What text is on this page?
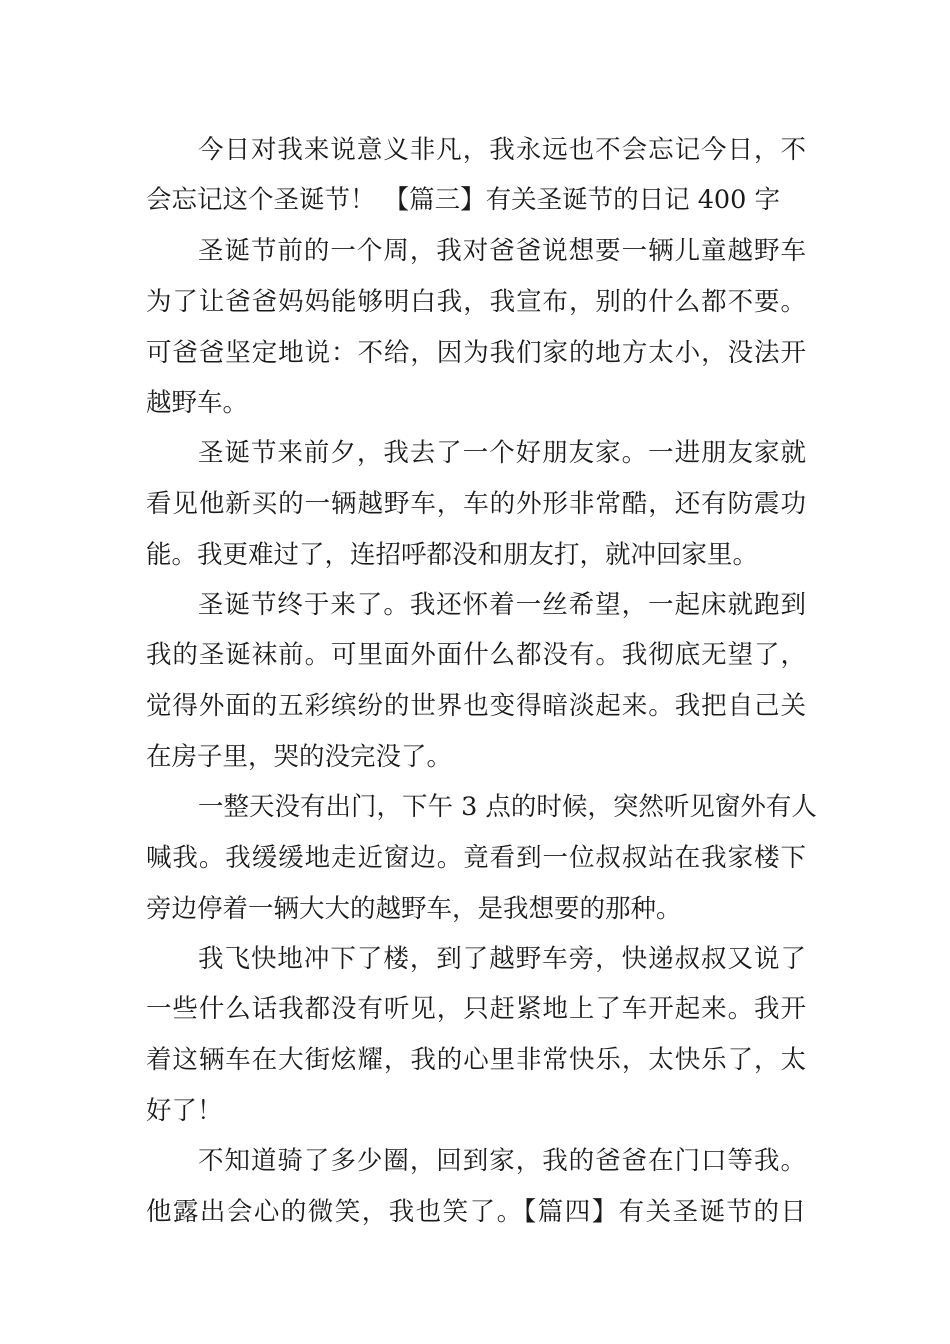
今日对我来说意义非凡，我永远也不会忘记今日，不
会忘记这个圣诞节！ 【篇三】有关圣诞节的日记 400 字
圣诞节前的一个周，我对爸爸说想要一辆儿童越野车
为了让爸爸妈妈能够明白我，我宣布，别的什么都不要。
可爸爸坚定地说：不给，因为我们家的地方太小，没法开
越野车。
圣诞节来前夕，我去了一个好朋友家。一进朋友家就
看见他新买的一辆越野车，车的外形非常酷，还有防震功
能。我更难过了，连招呼都没和朋友打，就冲回家里。
圣诞节终于来了。我还怀着一丝希望，一起床就跑到
我的圣诞袜前。可里面外面什么都没有。我彻底无望了，
觉得外面的五彩缤纷的世界也变得暗淡起来。我把自己关
在房子里，哭的没完没了。
一整天没有出门，下午 3 点的时候，突然听见窗外有人
喊我。我缓缓地走近窗边。竟看到一位叔叔站在我家楼下
旁边停着一辆大大的越野车，是我想要的那种。
我飞快地冲下了楼，到了越野车旁，快递叔叔又说了
一些什么话我都没有听见，只赶紧地上了车开起来。我开
着这辆车在大街炫耀，我的心里非常快乐，太快乐了，太
好了！
不知道骑了多少圈，回到家，我的爸爸在门口等我。
他露出会心的微笑，我也笑了。【篇四】有关圣诞节的日
